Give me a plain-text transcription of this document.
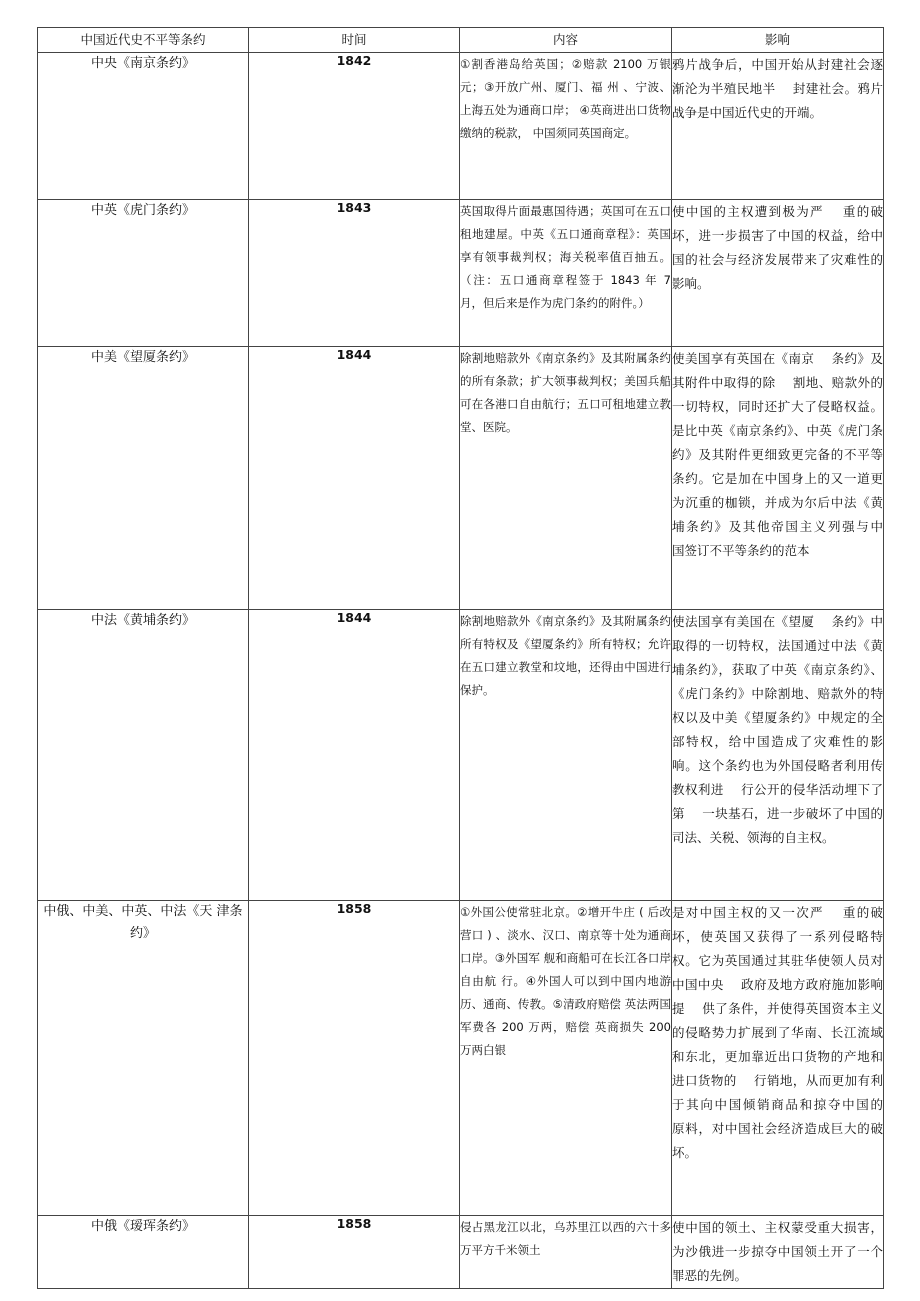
中国近代史不平等条约	时间	内容	影响
中央《南京条约》	1842	①割香港岛给英国；②赔款 2100 万银元；③开放广州、厦门、福 州 、宁波、上海五处为通商口岸； ④英商进出口货物缴纳的税款， 中国须同英国商定。	鸦片战争后，中国开始从封建社会逐渐沦为半殖民地半　 封建社会。鸦片战争是中国近代史的开端。
中英《虎门条约》	1843	英国取得片面最惠国待遇；英国可在五口租地建屋。中英《五口通商章程》：英国享有领事裁判权；海关税率值百抽五。（注：五口通商章程签于 1843 年 7 月，但后来是作为虎门条约的附件。）	使中国的主权遭到极为严　 重的破坏，进一步损害了中国的权益，给中国的社会与经济发展带来了灾难性的影响。
中美《望厦条约》	1844	除割地赔款外《南京条约》及其附属条约的所有条款；扩大领事裁判权；美国兵船可在各港口自由航行；五口可租地建立教堂、医院。	使美国享有英国在《南京　 条约》及其附件中取得的除　 割地、赔款外的一切特权，同时还扩大了侵略权益。是比中英《南京条约》、中英《虎门条约》及其附件更细致更完备的不平等条约。它是加在中国身上的又一道更为沉重的枷锁，并成为尔后中法《黄埔条约》及其他帝国主义列强与中　 国签订不平等条约的范本
中法《黄埔条约》	1844	除割地赔款外《南京条约》及其附属条约所有特权及《望厦条约》所有特权；允许在五口建立教堂和坟地，还得由中国进行保护。	使法国享有美国在《望厦　 条约》中取得的一切特权，法国通过中法《黄埔条约》，获取了中英《南京条约》、《虎门条约》中除割地、赔款外的特权以及中美《望厦条约》中规定的全部特权，给中国造成了灾难性的影响。这个条约也为外国侵略者利用传教权利进　 行公开的侵华活动埋下了第　 一块基石，进一步破坏了中国的司法、关税、领海的自主权。
中俄、中美、中英、中法《天 津条约》	1858	①外国公使常驻北京。②增开牛庄 ( 后改营口 ) 、淡水、汉口、南京等十处为通商口岸。③外国军 舰和商船可在长江各口岸自由航 行。④外国人可以到中国内地游 历、通商、传教。⑤清政府赔偿 英法两国军费各 200 万两，赔偿 英商损失 200 万两白银	是对中国主权的又一次严　 重的破坏，使英国又获得了一系列侵略特权。它为英国通过其驻华使领人员对中国中央　 政府及地方政府施加影响提　 供了条件，并使得英国资本主义的侵略势力扩展到了华南、长江流域和东北，更加靠近出口货物的产地和进口货物的　 行销地，从而更加有利于其向中国倾销商品和掠夺中国的　 原料，对中国社会经济造成巨大的破坏。
中俄《瑷珲条约》	1858	侵占黑龙江以北，乌苏里江以西的六十多万平方千米领土	使中国的领土、主权蒙受重大损害，为沙俄进一步掠夺中国领土开了一个罪恶的先例。
